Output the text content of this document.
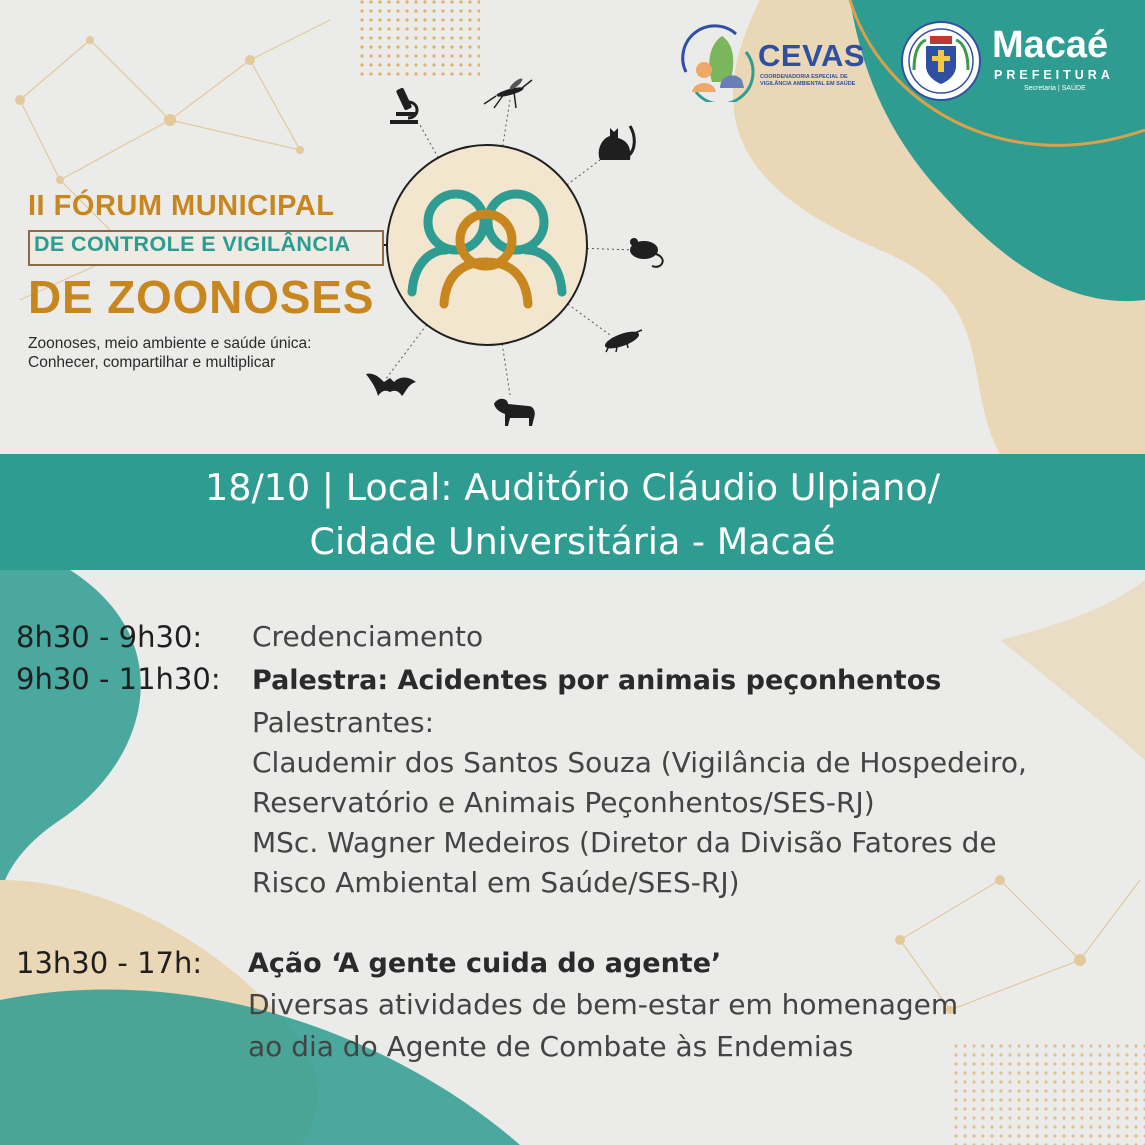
CEVAS
COORDENADORIA ESPECIAL DE VIGILÂNCIA AMBIENTAL EM SAÚDE
Macaé
PREFEITURA
Secretaria | SAÚDE
II FÓRUM MUNICIPAL
DE CONTROLE E VIGILÂNCIA
DE ZOONOSES
Zoonoses, meio ambiente e saúde única:
Conhecer, compartilhar e multiplicar
18/10 | Local: Auditório Cláudio Ulpiano/
Cidade Universitária - Macaé
8h30 - 9h30: Credenciamento
9h30 - 11h30: Palestra: Acidentes por animais peçonhentos
Palestrantes:
Claudemir dos Santos Souza (Vigilância de Hospedeiro,
Reservatório e Animais Peçonhentos/SES-RJ)
MSc. Wagner Medeiros (Diretor da Divisão Fatores de
Risco Ambiental em Saúde/SES-RJ)
13h30 - 17h: Ação ‘A gente cuida do agente’
Diversas atividades de bem-estar em homenagem
ao dia do Agente de Combate às Endemias
